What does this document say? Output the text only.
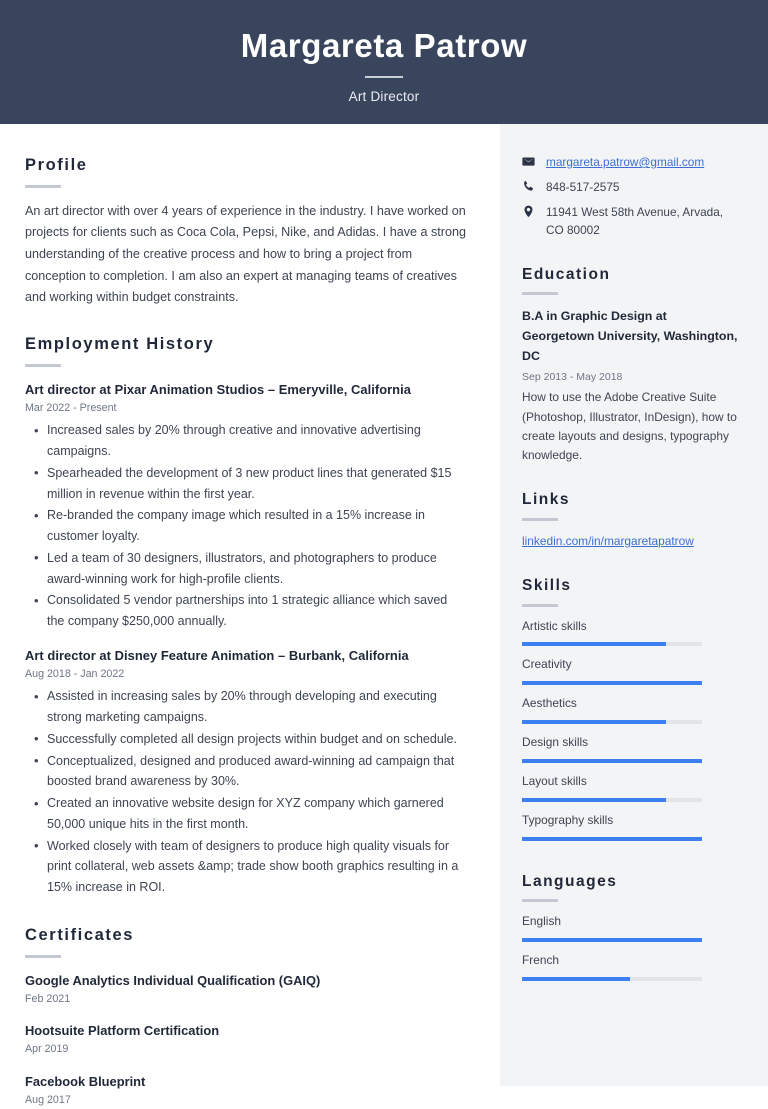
Margareta Patrow
Art Director
Profile
An art director with over 4 years of experience in the industry. I have worked on projects for clients such as Coca Cola, Pepsi, Nike, and Adidas. I have a strong understanding of the creative process and how to bring a project from conception to completion. I am also an expert at managing teams of creatives and working within budget constraints.
Employment History
Art director at Pixar Animation Studios – Emeryville, California
Mar 2022 - Present
• Increased sales by 20% through creative and innovative advertising campaigns.
• Spearheaded the development of 3 new product lines that generated $15 million in revenue within the first year.
• Re-branded the company image which resulted in a 15% increase in customer loyalty.
• Led a team of 30 designers, illustrators, and photographers to produce award-winning work for high-profile clients.
• Consolidated 5 vendor partnerships into 1 strategic alliance which saved the company $250,000 annually.
Art director at Disney Feature Animation – Burbank, California
Aug 2018 - Jan 2022
• Assisted in increasing sales by 20% through developing and executing strong marketing campaigns.
• Successfully completed all design projects within budget and on schedule.
• Conceptualized, designed and produced award-winning ad campaign that boosted brand awareness by 30%.
• Created an innovative website design for XYZ company which garnered 50,000 unique hits in the first month.
• Worked closely with team of designers to produce high quality visuals for print collateral, web assets &amp; trade show booth graphics resulting in a 15% increase in ROI.
Certificates
Google Analytics Individual Qualification (GAIQ)
Feb 2021
Hootsuite Platform Certification
Apr 2019
Facebook Blueprint
Aug 2017
margareta.patrow@gmail.com
848-517-2575
11941 West 58th Avenue, Arvada, CO 80002
Education
B.A in Graphic Design at Georgetown University, Washington, DC
Sep 2013 - May 2018
How to use the Adobe Creative Suite (Photoshop, Illustrator, InDesign), how to create layouts and designs, typography knowledge.
Links
linkedin.com/in/margaretapatrow
Skills
Artistic skills
Creativity
Aesthetics
Design skills
Layout skills
Typography skills
Languages
English
French
